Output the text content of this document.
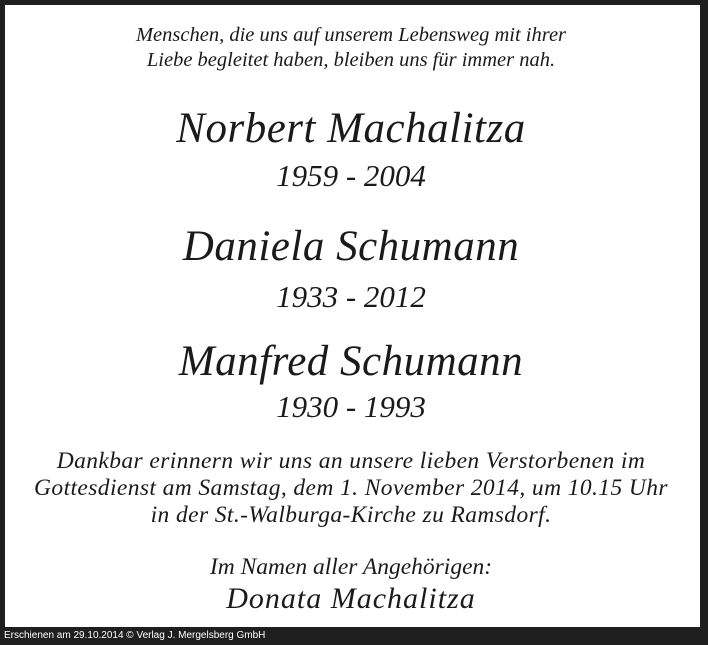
Menschen, die uns auf unserem Lebensweg mit ihrer
Liebe begleitet haben, bleiben uns für immer nah.
Norbert Machalitza
1959 - 2004
Daniela Schumann
1933 - 2012
Manfred Schumann
1930 - 1993
Dankbar erinnern wir uns an unsere lieben Verstorbenen im
Gottesdienst am Samstag, dem 1. November 2014, um 10.15 Uhr
in der St.-Walburga-Kirche zu Ramsdorf.
Im Namen aller Angehörigen:
Donata Machalitza
Erschienen am 29.10.2014 © Verlag J. Mergelsberg GmbH
